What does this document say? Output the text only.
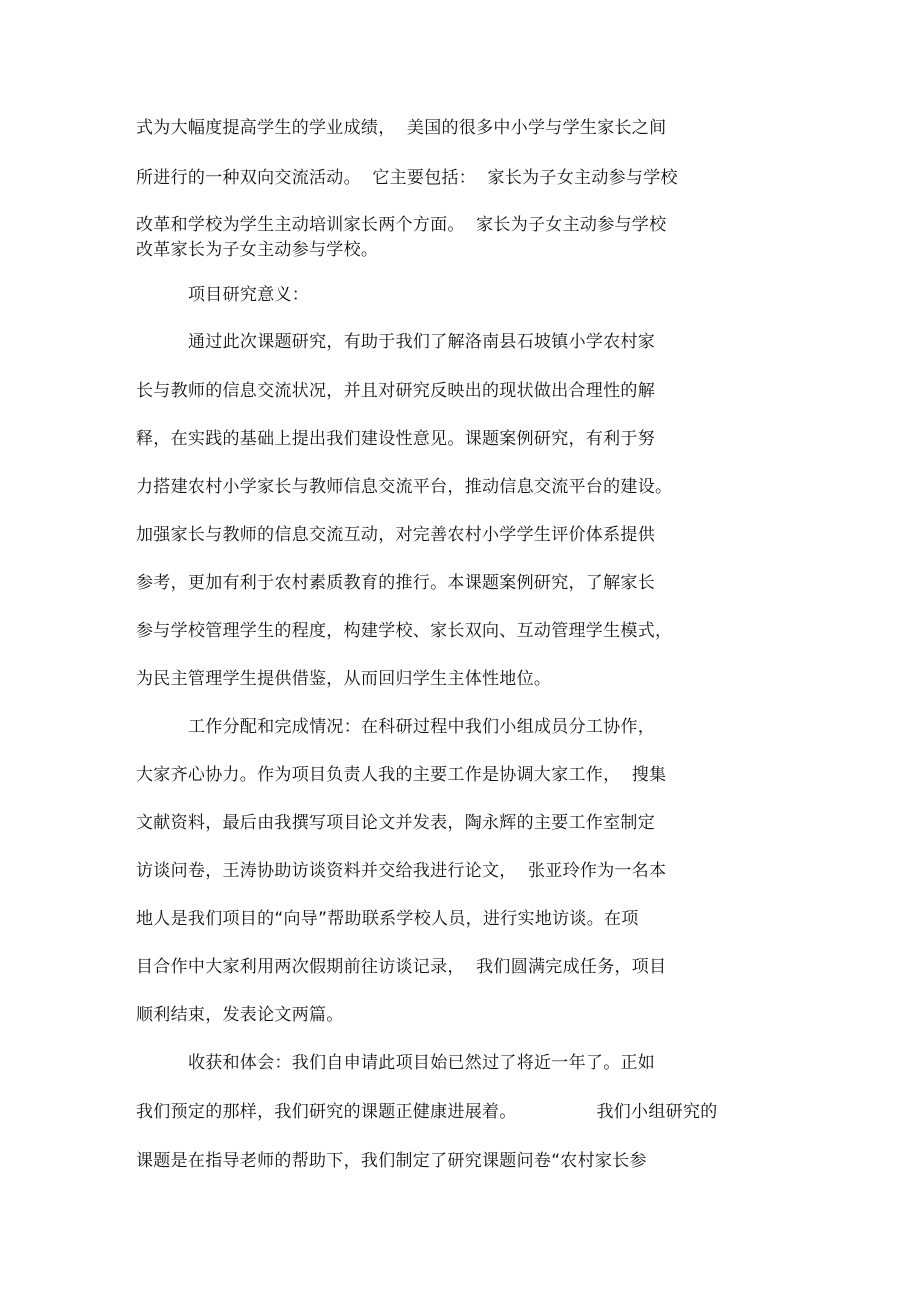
式为大幅度提高学生的学业成绩，  美国的很多中小学与学生家长之间
所进行的一种双向交流活动。  它主要包括：  家长为子女主动参与学校
改革和学校为学生主动培训家长两个方面。  家长为子女主动参与学校
改革家长为子女主动参与学校。
项目研究意义：
通过此次课题研究，有助于我们了解洛南县石坡镇小学农村家
长与教师的信息交流状况，并且对研究反映出的现状做出合理性的解
释，在实践的基础上提出我们建设性意见。课题案例研究，有利于努
力搭建农村小学家长与教师信息交流平台，推动信息交流平台的建设。
加强家长与教师的信息交流互动，对完善农村小学学生评价体系提供
参考，更加有利于农村素质教育的推行。本课题案例研究，了解家长
参与学校管理学生的程度，构建学校、家长双向、互动管理学生模式，
为民主管理学生提供借鉴，从而回归学生主体性地位。
工作分配和完成情况：在科研过程中我们小组成员分工协作，
大家齐心协力。作为项目负责人我的主要工作是协调大家工作，  搜集
文献资料，最后由我撰写项目论文并发表，陶永辉的主要工作室制定
访谈问卷，王涛协助访谈资料并交给我进行论文，  张亚玲作为一名本
地人是我们项目的“向导”帮助联系学校人员，进行实地访谈。在项
目合作中大家利用两次假期前往访谈记录，  我们圆满完成任务，项目
顺利结束，发表论文两篇。
收获和体会：我们自申请此项目始已然过了将近一年了。正如
我们预定的那样，我们研究的课题正健康进展着。              我们小组研究的
课题是在指导老师的帮助下，我们制定了研究课题问卷“农村家长参
